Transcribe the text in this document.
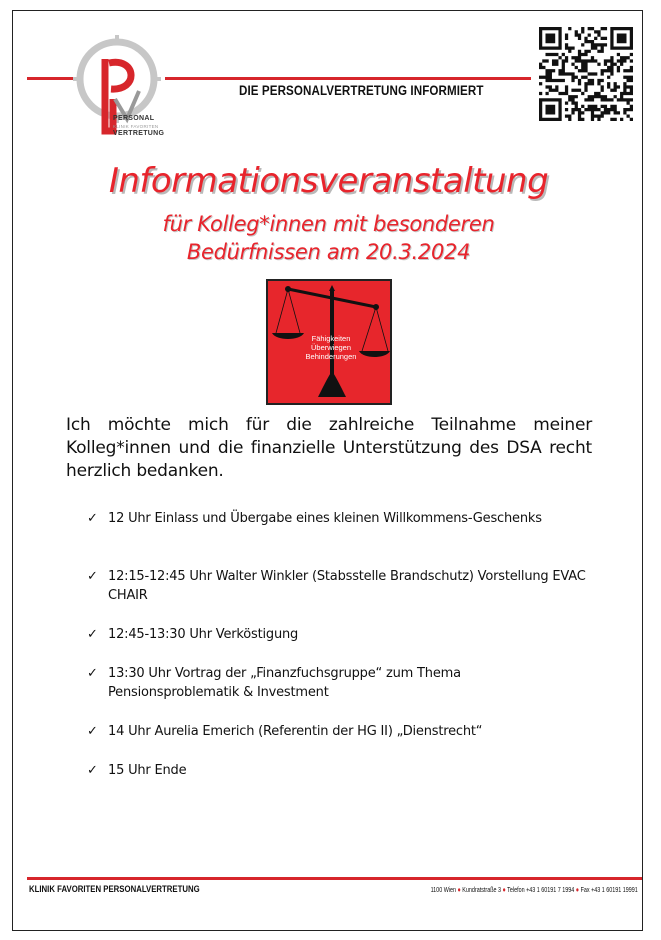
PERSONAL
KLINIK FAVORITEN
VERTRETUNG
DIE PERSONALVERTRETUNG INFORMIERT
Informationsveranstaltung
für Kolleg*innen mit besonderen
Bedürfnissen am 20.3.2024
Fähigkeiten
Überwiegen
Behinderungen

Ich möchte mich für die zahlreiche Teilnahme meiner Kolleg*innen und die finanzielle Unterstützung des DSA recht herzlich bedanken.

✓ 12 Uhr Einlass und Übergabe eines kleinen Willkommens-Geschenks
✓ 12:15-12:45 Uhr Walter Winkler (Stabsstelle Brandschutz) Vorstellung EVAC CHAIR
✓ 12:45-13:30 Uhr Verköstigung
✓ 13:30 Uhr Vortrag der „Finanzfuchsgruppe“ zum Thema Pensionsproblematik & Investment
✓ 14 Uhr Aurelia Emerich (Referentin der HG II) „Dienstrecht“
✓ 15 Uhr Ende
KLINIK FAVORITEN PERSONALVERTRETUNG	1100 Wien ● Kundratstraße 3 ● Telefon +43 1 60191 7 1994 ● Fax +43 1 60191 19991
